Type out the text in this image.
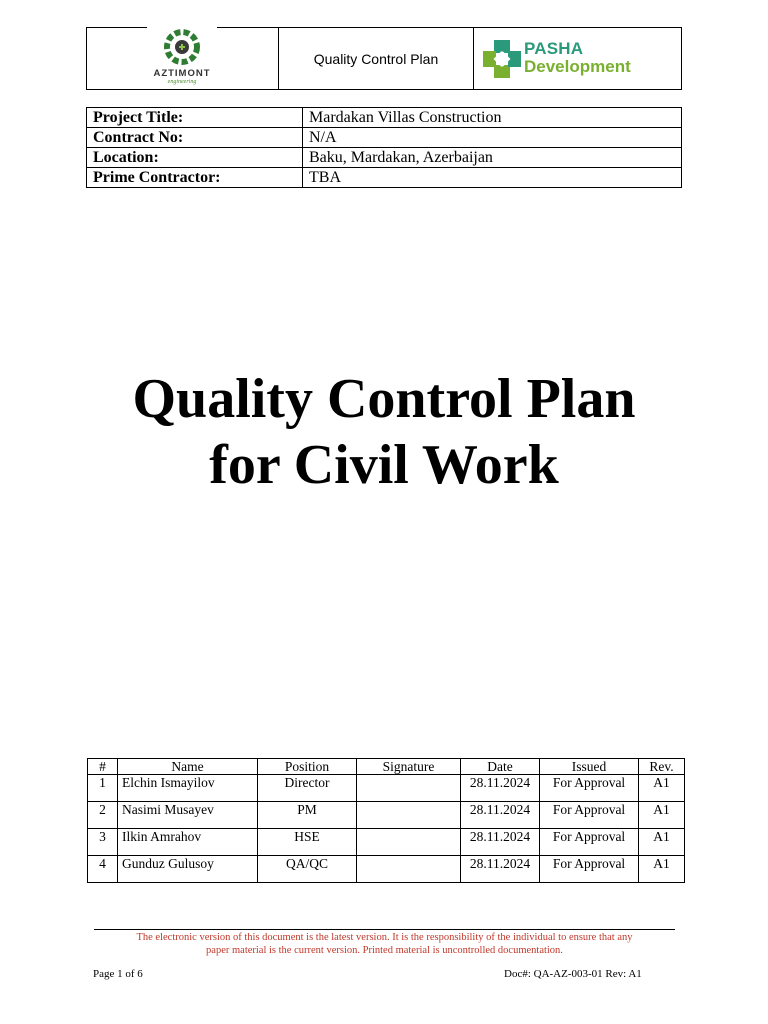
AZTIMONT
engineering
Quality Control Plan
PASHA
Development
Project Title:	Mardakan Villas Construction
Contract No:	N/A
Location:	Baku, Mardakan, Azerbaijan
Prime Contractor:	TBA
Quality Control Plan
for Civil Work
#	Name	Position	Signature	Date	Issued	Rev.
1	Elchin Ismayilov	Director		28.11.2024	For Approval	A1
2	Nasimi Musayev	PM		28.11.2024	For Approval	A1
3	Ilkin Amrahov	HSE		28.11.2024	For Approval	A1
4	Gunduz Gulusoy	QA/QC		28.11.2024	For Approval	A1
The electronic version of this document is the latest version. It is the responsibility of the individual to ensure that any
paper material is the current version. Printed material is uncontrolled documentation.
Page 1 of 6	Doc#: QA-AZ-003-01 Rev: A1
